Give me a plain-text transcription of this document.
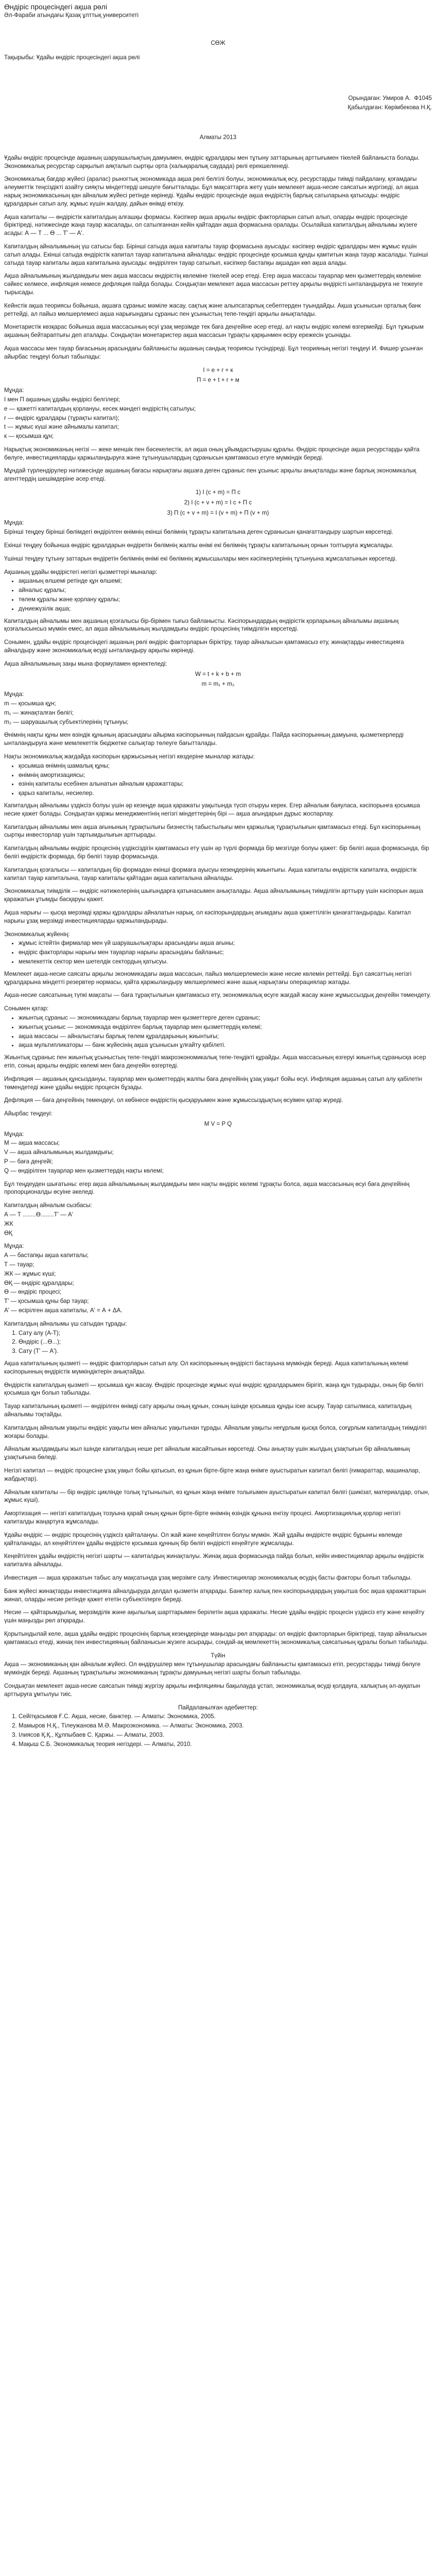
Өндіріс процесіндегі ақша рөлі

Әл-Фараби атындағы Қазақ ұлттық университеті

СӨЖ

Тақырыбы: Ұдайы өндіріс процесіндегі ақша рөлі

Орындаған: Умиров А.  Ф1045

Қабылдаған: Көрімбекова Н.Қ.

Алматы 2013

Ұдайы өндіріс процесінде ақшаның шаруашылықтың дамуымен, өндіріс құралдары мен тұтыну заттарының арттығымен тікелей байланыста болады. Экономикалық ресурстар сарқылып аяқталып сыртқы орта (халықаралық саудада) рөлі ерекшеленеді.

Экономикалық бағдар жүйесі (аралас) рыногтық экономикада ақша рөлі белгілі болуы, экономикалық өсу, ресурстарды тиімді пайдалану, қоғамдағы әлеуметтік теңсіздікті азайту сияқты міндеттерді шешуге бағытталады. Бұл мақсаттарға жету үшін мемлекет ақша-несие саясатын жүргізеді, ал ақша нарық экономикасының қан айналым жүйесі ретінде көрінеді. Ұдайы өндіріс процесінде ақша өндірістің барлық сатыларына қатысады: өндіріс құралдарын сатып алу, жұмыс күшін жалдау, дайын өнімді өткізу.

Ақша капиталы — өндірістік капиталдың алғашқы формасы. Кәсіпкер ақша арқылы өндіріс факторларын сатып алып, оларды өндіріс процесінде біріктіреді, нәтижесінде жаңа тауар жасалады, ол сатылғаннан кейін қайтадан ақша формасына оралады. Осылайша капиталдың айналымы жүзеге асады: А — Т ... Ө ... Т' — А'.

Капиталдың айналымының үш сатысы бар. Бірінші сатыда ақша капиталы тауар формасына ауысады: кәсіпкер өндіріс құралдары мен жұмыс күшін сатып алады. Екінші сатыда өндірістік капитал тауар капиталына айналады: өндіріс процесінде қосымша құнды қамтитын жаңа тауар жасалады. Үшінші сатыда тауар капиталы ақша капиталына ауысады: өндірілген тауар сатылып, кәсіпкер бастапқы ақшадан көп ақша алады.

Ақша айналымының жылдамдығы мен ақша массасы өндірістің көлеміне тікелей әсер етеді. Егер ақша массасы тауарлар мен қызметтердің көлеміне сәйкес келмесе, инфляция немесе дефляция пайда болады. Сондықтан мемлекет ақша массасын реттеу арқылы өндірісті ынталандыруға не тежеуге тырысады.

Кейнстік ақша теориясы бойынша, ақшаға сұраныс мәміле жасау, сақтық және алыпсатарлық себептерден туындайды. Ақша ұсынысын орталық банк реттейді, ал пайыз мөлшерлемесі ақша нарығындағы сұраныс пен ұсыныстың тепе-теңдігі арқылы анықталады.

Монетаристік көзқарас бойынша ақша массасының өсуі ұзақ мерзімде тек баға деңгейіне әсер етеді, ал нақты өндіріс көлемі өзгермейді. Бұл тұжырым ақшаның бейтараптығы деп аталады. Сондықтан монетаристер ақша массасын тұрақты қарқынмен өсіру ережесін ұсынады.

Ақша массасы мен тауар бағасының арасындағы байланысты ақшаның сандық теориясы түсіндіреді. Бұл теорияның негізгі теңдеуі И. Фишер ұсынған айырбас теңдеуі болып табылады:

I = e + r + к

П = е + t + r + м

Мұнда:

І мен П ақшаның ұдайы өндірісі белгілері;

е — қажетті капиталдың қорлануы, кесек мәндегі өндірістің сатылуы;

r — өндіріс құралдары (тұрақты капитал);

t — жұмыс күші және айнымалы капитал;

к — қосымша құн;

Нарықтық экономиканың негізі — жеке меншік пен бәсекелестік, ал ақша оның ұйымдастырушы құралы. Өндіріс процесінде ақша ресурстарды қайта бөлуге, инвестицияларды қаржыландыруға және тұтынушылардың сұранысын қамтамасыз етуге мүмкіндік береді.

Мұндай түрлендірулер нәтижесінде ақшаның бағасы нарықтағы ақшаға деген сұраныс пен ұсыныс арқылы анықталады және барлық экономикалық агенттердің шешімдеріне әсер етеді.

1) І (с + m) = П с

2) І (с + v + m) = І с + П с

3) П (с + v + m) = І (v + m) + П (v + m)

Мұнда:

Бірінші теңдеу бірінші бөлімдегі өндірілген өнімнің екінші бөлімнің тұрақты капиталына деген сұранысын қанағаттандыру шартын көрсетеді.

Екінші теңдеу бойынша өндіріс құралдарын өндіретін бөлімнің жалпы өнімі екі бөлімнің тұрақты капиталының орнын толтыруға жұмсалады.

Үшінші теңдеу тұтыну заттарын өндіретін бөлімнің өнімі екі бөлімнің жұмысшылары мен кәсіпкерлерінің тұтынуына жұмсалатынын көрсетеді.

Ақшаның ұдайы өндірістегі негізгі қызметтері мыналар:

• ақшаның өлшемі ретінде құн өлшемі;
• айналыс құралы;
• төлем құралы және қорлану құралы;
• дүниежүзілік ақша;

Капиталдың айналымы мен ақшаның қозғалысы бір-бірімен тығыз байланысты. Кәсіпорындардың өндірістік қорларының айналымы ақшаның қозғалысынсыз мүмкін емес, ал ақша айналымының жылдамдығы өндіріс процесінің тиімділігін көрсетеді.

Сонымен, ұдайы өндіріс процесіндегі ақшаның рөлі өндіріс факторларын біріктіру, тауар айналысын қамтамасыз ету, жинақтарды инвестицияға айналдыру және экономикалық өсуді ынталандыру арқылы көрінеді.

Ақша айналымының заңы мына формуламен өрнектеледі:

W = t + k + b + m

m = m₁ + m₂

Мұнда:

m — қосымша құн;

m₁ — жинақталған бөлігі;

m₂ — шаруашылық субъектілерінің тұтынуы;

Өнімнің нақты құны мен өзіндік құнының арасындағы айырма кәсіпорынның пайдасын құрайды. Пайда кәсіпорынның дамуына, қызметкерлерді ынталандыруға және мемлекеттік бюджетке салықтар төлеуге бағытталады.

Нақты экономикалық жағдайда кәсіпорын қаржысының негізгі көздеріне мыналар жатады:

• қосымша өнімнің шамалық құны;
• өнімнің амортизациясы;
• өзінің капиталы есебінен алынатын айналым қаражаттары;
• қарыз капиталы, несиелер.

Капиталдың айналымы үздіксіз болуы үшін әр кезеңде ақша қаражаты уақытында түсіп отыруы керек. Егер айналым баяуласа, кәсіпорынға қосымша несие қажет болады. Сондықтан қаржы менеджментінің негізгі міндеттерінің бірі — ақша ағындарын дұрыс жоспарлау.

Капиталдың айналымы мен ақша ағынының тұрақтылығы бизнестің табыстылығы мен қаржылық тұрақтылығын қамтамасыз етеді. Бұл кәсіпорынның сыртқы инвесторлар үшін тартымдылығын арттырады.

Капиталдың айналымы өндіріс процесінің үздіксіздігін қамтамасыз ету үшін әр түрлі формада бір мезгілде болуы қажет: бір бөлігі ақша формасында, бір бөлігі өндірістік формада, бір бөлігі тауар формасында.

Капиталдың қозғалысы — капиталдың бір формадан екінші формаға ауысуы кезеңдерінің жиынтығы. Ақша капиталы өндірістік капиталға, өндірістік капитал тауар капиталына, тауар капиталы қайтадан ақша капиталына айналады.

Экономикалық тиімділік — өндіріс нәтижелерінің шығындарға қатынасымен анықталады. Ақша айналымының тиімділігін арттыру үшін кәсіпорын ақша қаражатын ұтымды басқаруы қажет.

Ақша нарығы — қысқа мерзімді қаржы құралдары айналатын нарық, ол кәсіпорындардың ағымдағы ақша қажеттілігін қанағаттандырады. Капитал нарығы ұзақ мерзімді инвестицияларды қаржыландырады.

Экономикалық жүйенің:

• жұмыс істейтін фирмалар мен үй шаруашылықтары арасындағы ақша ағыны;
• өндіріс факторлары нарығы мен тауарлар нарығы арасындағы байланыс;
• мемлекеттік сектор мен шетелдік сектордың қатысуы.

Мемлекет ақша-несие саясаты арқылы экономикадағы ақша массасын, пайыз мөлшерлемесін және несие көлемін реттейді. Бұл саясаттың негізгі құралдарына міндетті резервтер нормасы, қайта қаржыландыру мөлшерлемесі және ашық нарықтағы операциялар жатады.

Ақша-несие саясатының түпкі мақсаты — баға тұрақтылығын қамтамасыз ету, экономикалық өсуге жағдай жасау және жұмыссыздық деңгейін төмендету.

Сонымен қатар:

• жиынтық сұраныс — экономикадағы барлық тауарлар мен қызметтерге деген сұраныс;
• жиынтық ұсыныс — экономикада өндірілген барлық тауарлар мен қызметтердің көлемі;
• ақша массасы — айналыстағы барлық төлем құралдарының жиынтығы;
• ақша мультипликаторы — банк жүйесінің ақша ұсынысын ұлғайту қабілеті.

Жиынтық сұраныс пен жиынтық ұсыныстың тепе-теңдігі макроэкономикалық тепе-теңдікті құрайды. Ақша массасының өзгеруі жиынтық сұранысқа әсер етіп, соның арқылы өндіріс көлемі мен баға деңгейін өзгертеді.

Инфляция — ақшаның құнсыздануы, тауарлар мен қызметтердің жалпы баға деңгейінің ұзақ уақыт бойы өсуі. Инфляция ақшаның сатып алу қабілетін төмендетеді және ұдайы өндіріс процесін бұзады.

Дефляция — баға деңгейінің төмендеуі, ол көбінесе өндірістің қысқаруымен және жұмыссыздықтың өсуімен қатар жүреді.

Айырбас теңдеуі:

M V = P Q

Мұнда:

M — ақша массасы;

V — ақша айналымының жылдамдығы;

P — баға деңгейі;

Q — өндірілген тауарлар мен қызметтердің нақты көлемі;

Бұл теңдеуден шығатыны: егер ақша айналымының жылдамдығы мен нақты өндіріс көлемі тұрақты болса, ақша массасының өсуі баға деңгейінің пропорционалды өсуіне әкеледі.

Капиталдың айналым сызбасы:

А — Т ........Ө........Т' — А'

ЖК

ӨҚ

Мұнда:

А — бастапқы ақша капиталы;

Т — тауар;

ЖК — жұмыс күші;

ӨҚ — өндіріс құралдары;

Ө — өндіріс процесі;

Т' — қосымша құны бар тауар;

А' — өсірілген ақша капиталы, А' = А + ΔА.

Капиталдың айналымы үш сатыдан тұрады:

1. Сату алу (А-Т);
2. Өндіріс (...Ө...);
3. Сату (Т' — А').

Ақша капиталының қызметі — өндіріс факторларын сатып алу. Ол кәсіпорынның өндірісті бастауына мүмкіндік береді. Ақша капиталының көлемі кәсіпорынның өндірістік мүмкіндіктерін анықтайды.

Өндірістік капиталдың қызметі — қосымша құн жасау. Өндіріс процесінде жұмыс күші өндіріс құралдарымен бірігіп, жаңа құн тудырады, оның бір бөлігі қосымша құн болып табылады.

Тауар капиталының қызметі — өндірілген өнімді сату арқылы оның құнын, соның ішінде қосымша құнды іске асыру. Тауар сатылмаса, капиталдың айналымы тоқтайды.

Капиталдың айналым уақыты өндіріс уақыты мен айналыс уақытынан тұрады. Айналым уақыты неғұрлым қысқа болса, соғұрлым капиталдың тиімділігі жоғары болады.

Айналым жылдамдығы жыл ішінде капиталдың неше рет айналым жасайтынын көрсетеді. Оны анықтау үшін жылдың ұзақтығын бір айналымның ұзақтығына бөледі.

Негізгі капитал — өндіріс процесіне ұзақ уақыт бойы қатысып, өз құнын бірте-бірте жаңа өнімге ауыстыратын капитал бөлігі (ғимараттар, машиналар, жабдықтар).

Айналым капиталы — бір өндіріс циклінде толық тұтынылып, өз құнын жаңа өнімге толығымен ауыстыратын капитал бөлігі (шикізат, материалдар, отын, жұмыс күші).

Амортизация — негізгі капиталдың тозуына қарай оның құнын бірте-бірте өнімнің өзіндік құнына енгізу процесі. Амортизациялық қорлар негізгі капиталды жаңартуға жұмсалады.

Ұдайы өндіріс — өндіріс процесінің үздіксіз қайталануы. Ол жай және кеңейтілген болуы мүмкін. Жай ұдайы өндірісте өндіріс бұрынғы көлемде қайталанады, ал кеңейтілген ұдайы өндірісте қосымша құнның бір бөлігі өндірісті кеңейтуге жұмсалады.

Кеңейтілген ұдайы өндірістің негізгі шарты — капиталдың жинақталуы. Жинақ ақша формасында пайда болып, кейін инвестициялар арқылы өндірістік капиталға айналады.

Инвестиция — ақша қаражатын табыс алу мақсатында ұзақ мерзімге салу. Инвестициялар экономикалық өсудің басты факторы болып табылады.

Банк жүйесі жинақтарды инвестицияға айналдыруда делдал қызметін атқарады. Банктер халық пен кәсіпорындардың уақытша бос ақша қаражаттарын жинап, оларды несие ретінде қажет ететін субъектілерге береді.

Несие — қайтарымдылық, мерзімділік және ақылылық шарттарымен берілетін ақша қаражаты. Несие ұдайы өндіріс процесін үздіксіз ету және кеңейту үшін маңызды рөл атқарады.

Қорытындылай келе, ақша ұдайы өндіріс процесінің барлық кезеңдерінде маңызды рөл атқарады: ол өндіріс факторларын біріктіреді, тауар айналысын қамтамасыз етеді, жинақ пен инвестицияның байланысын жүзеге асырады, сондай-ақ мемлекеттің экономикалық саясатының құралы болып табылады.

Түйін

Ақша — экономиканың қан айналым жүйесі. Ол өндірушілер мен тұтынушылар арасындағы байланысты қамтамасыз етіп, ресурстарды тиімді бөлуге мүмкіндік береді. Ақшаның тұрақтылығы экономиканың тұрақты дамуының негізгі шарты болып табылады.

Сондықтан мемлекет ақша-несие саясатын тиімді жүргізу арқылы инфляцияны бақылауда ұстап, экономикалық өсуді қолдауға, халықтың әл-ауқатын арттыруға ұмтылуы тиіс.

Пайдаланылған әдебиеттер:

1. Сейітқасымов Ғ.С. Ақша, несие, банктер. — Алматы: Экономика, 2005.
2. Мамыров Н.Қ., Тілеужанова М.Ә. Макроэкономика. — Алматы: Экономика, 2003.
3. Ілиясов Қ.Қ., Құлпыбаев С. Қаржы. — Алматы, 2003.
4. Мақыш С.Б. Экономикалық теория негіздері. — Алматы, 2010.
